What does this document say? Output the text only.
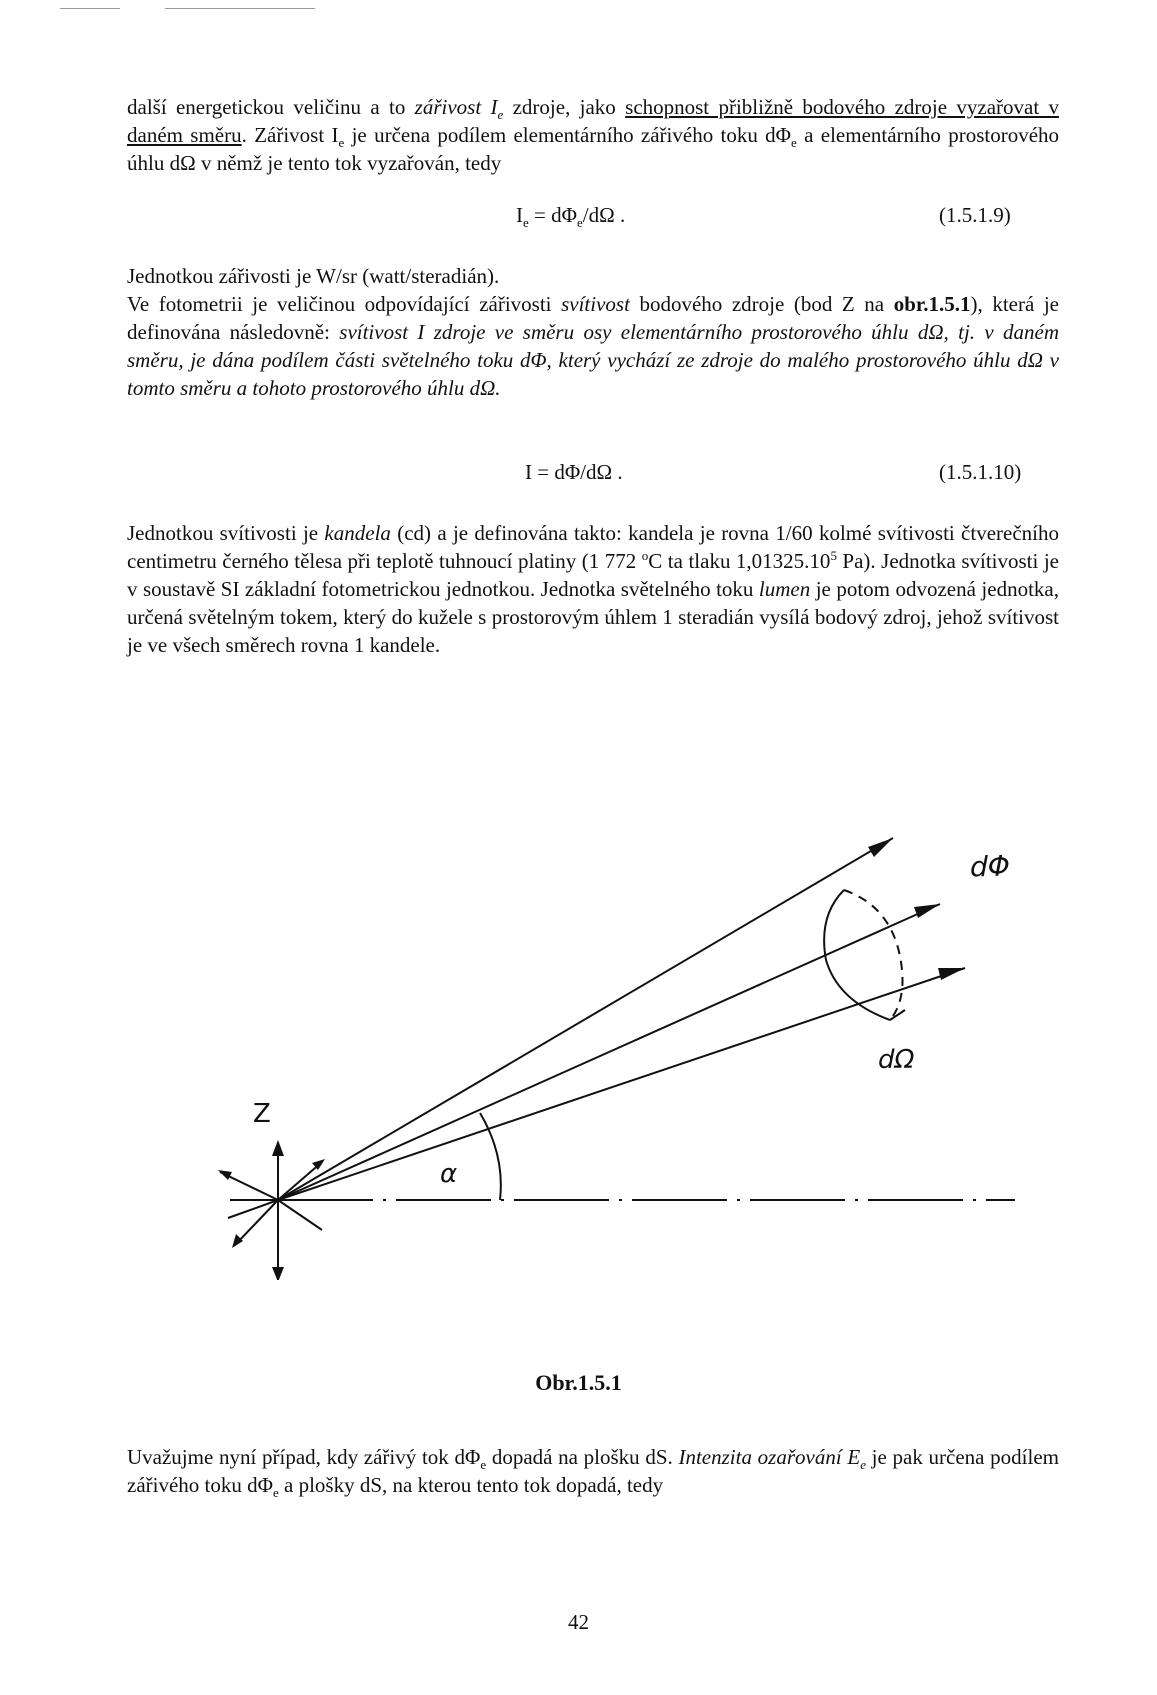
další energetickou veličinu a to zářivost $I_e$ zdroje, jako schopnost přibližně bodového zdroje vyzařovat v daném směru. Zářivost $I_e$ je určena podílem elementárního zářivého toku $d\Phi_e$ a elementárního prostorového úhlu dΩ v němž je tento tok vyzařován, tedy

$I_e = d\Phi_e/d\Omega$ .	(1.5.1.9)

Jednotkou zářivosti je W/sr (watt/steradián).

Ve fotometrii je veličinou odpovídající zářivosti svítivost bodového zdroje (bod Z na obr.1.5.1), která je definována následovně: svítivost I zdroje ve směru osy elementárního prostorového úhlu dΩ, tj. v daném směru, je dána podílem části světelného toku dΦ, který vychází ze zdroje do malého prostorového úhlu dΩ v tomto směru a tohoto prostorového úhlu dΩ.

I = dΦ/dΩ .	(1.5.1.10)

Jednotkou svítivosti je kandela (cd) a je definována takto: kandela je rovna 1/60 kolmé svítivosti čtverečního centimetru černého tělesa při teplotě tuhnoucí platiny (1 772 $^o$C ta tlaku 1,01325.10$^5$ Pa). Jednotka svítivosti je v soustavě SI základní fotometrickou jednotkou. Jednotka světelného toku lumen je potom odvozená jednotka, určená světelným tokem, který do kužele s prostorovým úhlem 1 steradián vysílá bodový zdroj, jehož svítivost je ve všech směrech rovna 1 kandele.

Z
α
dΦ
dΩ
Obr.1.5.1

Uvažujme nyní případ, kdy zářivý tok $d\Phi_e$ dopadá na plošku dS. Intenzita ozařování $E_e$ je pak určena podílem zářivého toku $d\Phi_e$ a plošky dS, na kterou tento tok dopadá, tedy

42
